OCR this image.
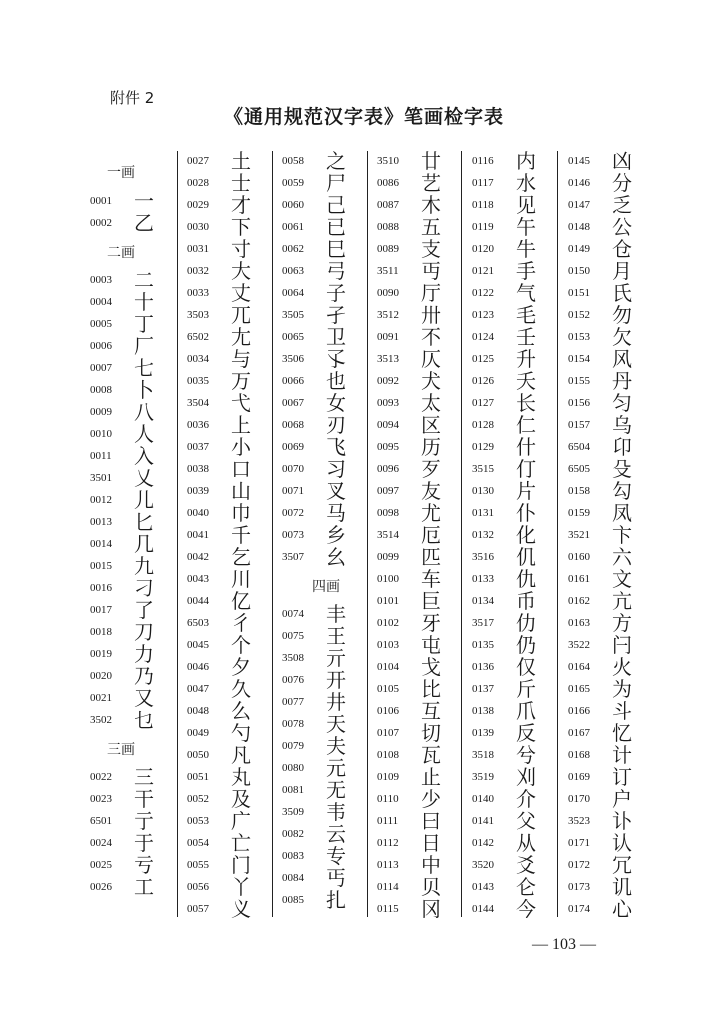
附件 2
《通用规范汉字表》笔画检字表
一画
0001	一
0002	乙
二画
0003	二
0004	十
0005	丁
0006	厂
0007	七
0008	卜
0009	八
0010	人
0011	入
3501	乂
0012	儿
0013	匕
0014	几
0015	九
0016	刁
0017	了
0018	刀
0019	力
0020	乃
0021	又
3502	乜
三画
0022	三
0023	干
6501	亍
0024	于
0025	亏
0026	工
0027	土
0028	士
0029	才
0030	下
0031	寸
0032	大
0033	丈
3503	兀
6502	尢
0034	与
0035	万
3504	弋
0036	上
0037	小
0038	口
0039	山
0040	巾
0041	千
0042	乞
0043	川
0044	亿
6503	彳
0045	个
0046	夕
0047	久
0048	么
0049	勺
0050	凡
0051	丸
0052	及
0053	广
0054	亡
0055	门
0056	丫
0057	义
0058	之
0059	尸
0060	己
0061	已
0062	巳
0063	弓
0064	子
3505	孑
0065	卫
3506	孓
0066	也
0067	女
0068	刃
0069	飞
0070	习
0071	叉
0072	马
0073	乡
3507	幺
四画
0074	丰
0075	王
3508	亓
0076	开
0077	井
0078	天
0079	夫
0080	元
0081	无
3509	韦
0082	云
0083	专
0084	丐
0085	扎
3510	廿
0086	艺
0087	木
0088	五
0089	支
3511	丏
0090	厅
3512	卅
0091	不
3513	仄
0092	犬
0093	太
0094	区
0095	历
0096	歹
0097	友
0098	尤
3514	厄
0099	匹
0100	车
0101	巨
0102	牙
0103	屯
0104	戈
0105	比
0106	互
0107	切
0108	瓦
0109	止
0110	少
0111	曰
0112	日
0113	中
0114	贝
0115	冈
0116	内
0117	水
0118	见
0119	午
0120	牛
0121	手
0122	气
0123	毛
0124	壬
0125	升
0126	夭
0127	长
0128	仁
0129	什
3515	仃
0130	片
0131	仆
0132	化
3516	仉
0133	仇
0134	币
3517	仂
0135	仍
0136	仅
0137	斤
0138	爪
0139	反
3518	兮
3519	刈
0140	介
0141	父
0142	从
3520	爻
0143	仑
0144	今
0145	凶
0146	分
0147	乏
0148	公
0149	仓
0150	月
0151	氏
0152	勿
0153	欠
0154	风
0155	丹
0156	匀
0157	乌
6504	卬
6505	殳
0158	勾
0159	凤
3521	卞
0160	六
0161	文
0162	亢
0163	方
3522	闩
0164	火
0165	为
0166	斗
0167	忆
0168	计
0169	订
0170	户
3523	讣
0171	认
0172	冗
0173	讥
0174	心
— 103 —
